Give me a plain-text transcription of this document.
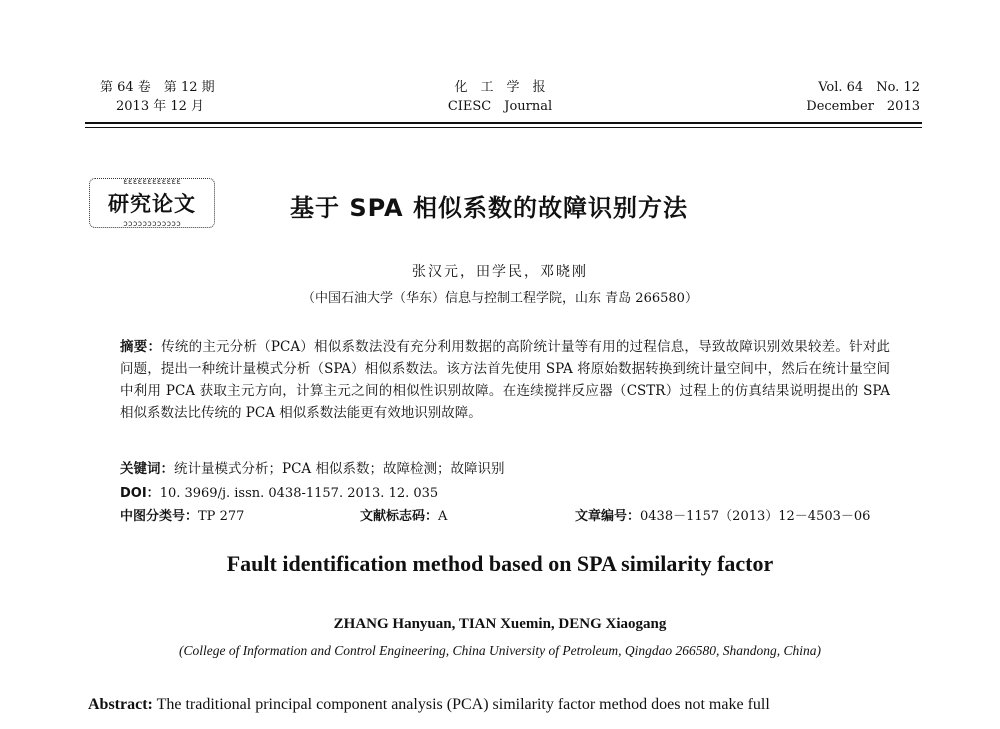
第 64 卷　第 12 期
2013 年 12 月
化　工　学　报
CIESC　Journal
Vol. 64　No. 12
December　2013
ɛɛɛɛɛɛɛɛɛɛɛɛ
研究论文
ɔɔɔɔɔɔɔɔɔɔɔɔ
基于 SPA 相似系数的故障识别方法
张汉元，田学民，邓晓刚
（中国石油大学（华东）信息与控制工程学院，山东 青岛 266580）
摘要：传统的主元分析（PCA）相似系数法没有充分利用数据的高阶统计量等有用的过程信息，导致故障识别效果较差。针对此问题，提出一种统计量模式分析（SPA）相似系数法。该方法首先使用 SPA 将原始数据转换到统计量空间中，然后在统计量空间中利用 PCA 获取主元方向，计算主元之间的相似性识别故障。在连续搅拌反应器（CSTR）过程上的仿真结果说明提出的 SPA 相似系数法比传统的 PCA 相似系数法能更有效地识别故障。
关键词：统计量模式分析；PCA 相似系数；故障检测；故障识别
DOI：10. 3969/j. issn. 0438-1157. 2013. 12. 035
中图分类号：TP 277	文献标志码：A	文章编号：0438－1157（2013）12－4503－06
Fault identification method based on SPA similarity factor
ZHANG Hanyuan, TIAN Xuemin, DENG Xiaogang
(College of Information and Control Engineering, China University of Petroleum, Qingdao 266580, Shandong, China)
Abstract: The traditional principal component analysis (PCA) similarity factor method does not make full
